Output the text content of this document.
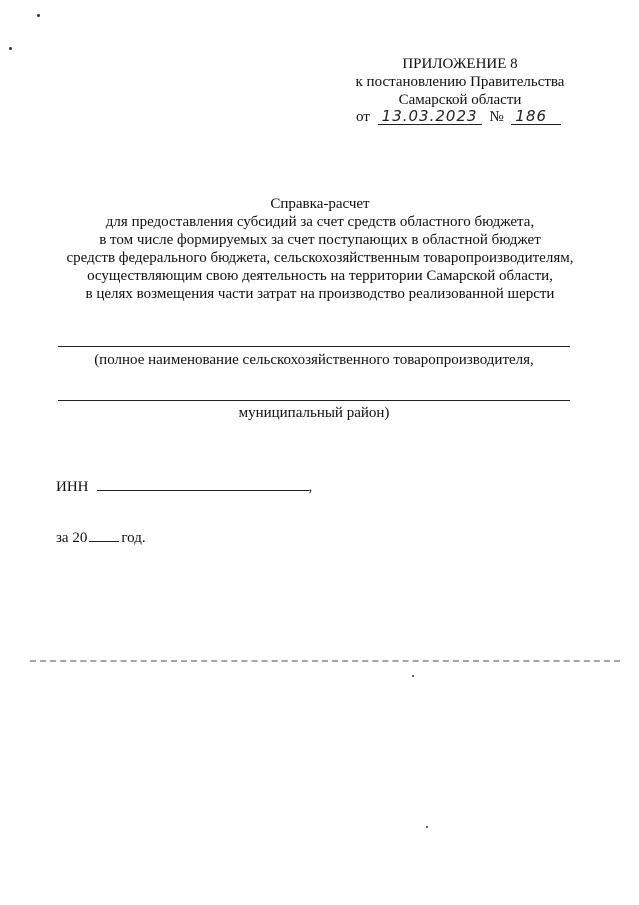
ПРИЛОЖЕНИЕ 8
к постановлению Правительства
Самарской области
от 13.03.2023 № 186
Справка-расчет
для предоставления субсидий за счет средств областного бюджета,
в том числе формируемых за счет поступающих в областной бюджет
средств федерального бюджета, сельскохозяйственным товаропроизводителям,
осуществляющим свою деятельность на территории Самарской области,
в целях возмещения части затрат на производство реализованной шерсти
(полное наименование сельскохозяйственного товаропроизводителя,
муниципальный район)
ИНН	,
за 20 год.
